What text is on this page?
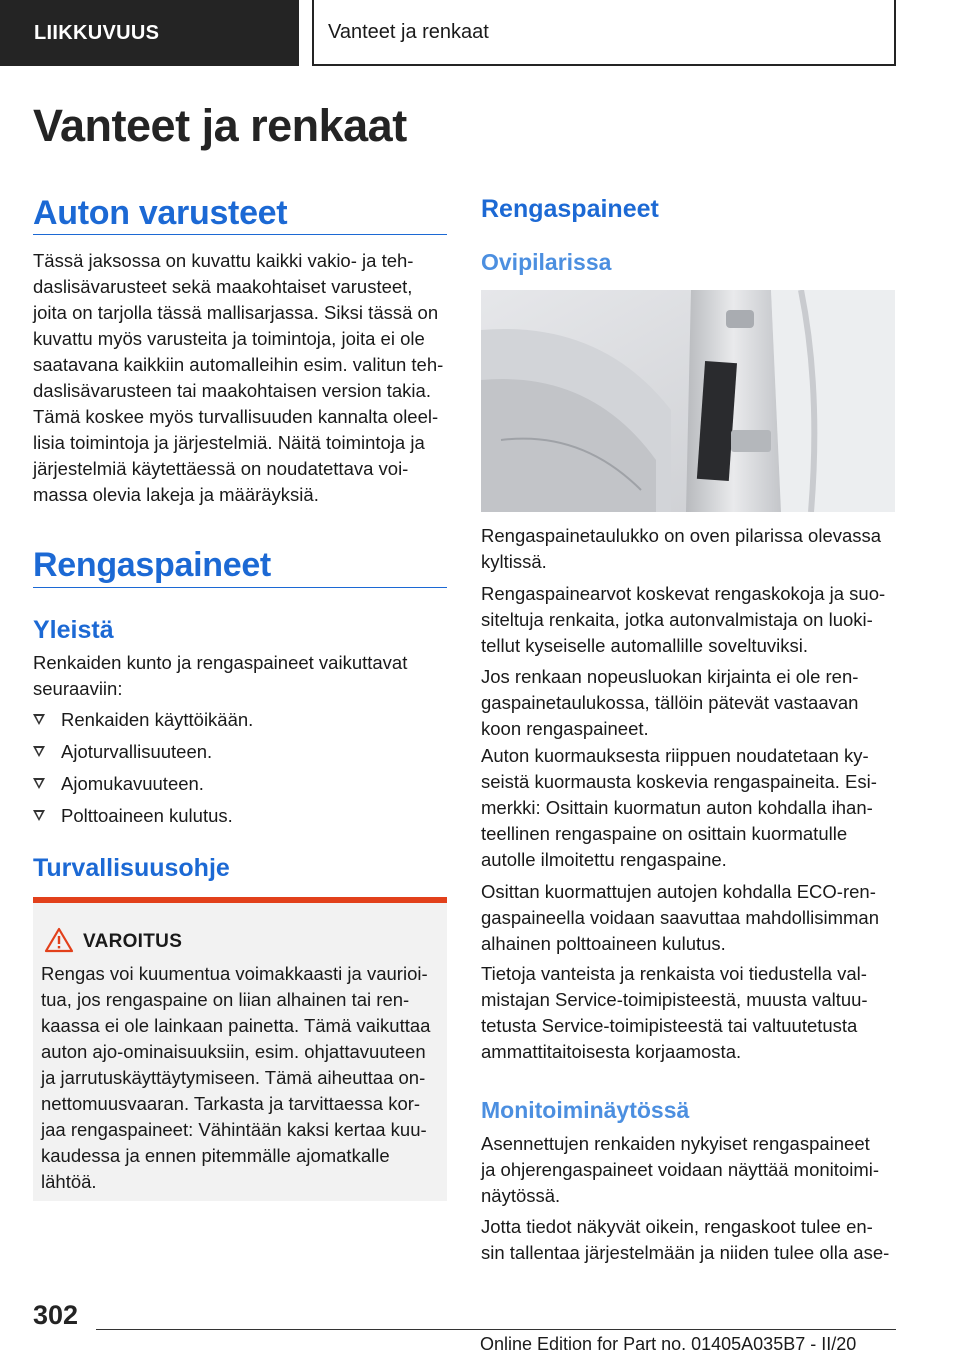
LIIKKUVUUS	Vanteet ja renkaat
Vanteet ja renkaat
Auton varusteet
Tässä jaksossa on kuvattu kaikki vakio- ja teh-
daslisävarusteet sekä maakohtaiset varusteet,
joita on tarjolla tässä mallisarjassa. Siksi tässä on
kuvattu myös varusteita ja toimintoja, joita ei ole
saatavana kaikkiin automalleihin esim. valitun teh-
daslisävarusteen tai maakohtaisen version takia.
Tämä koskee myös turvallisuuden kannalta oleel-
lisia toimintoja ja järjestelmiä. Näitä toimintoja ja
järjestelmiä käytettäessä on noudatettava voi-
massa olevia lakeja ja määräyksiä.
Rengaspaineet
Yleistä
Renkaiden kunto ja rengaspaineet vaikuttavat
seuraaviin:
Renkaiden käyttöikään.
Ajoturvallisuuteen.
Ajomukavuuteen.
Polttoaineen kulutus.
Turvallisuusohje
VAROITUS
Rengas voi kuumentua voimakkaasti ja vaurioi-
tua, jos rengaspaine on liian alhainen tai ren-
kaassa ei ole lainkaan painetta. Tämä vaikuttaa
auton ajo-ominaisuuksiin, esim. ohjattavuuteen
ja jarrutuskäyttäytymiseen. Tämä aiheuttaa on-
nettomuusvaaran. Tarkasta ja tarvittaessa kor-
jaa rengaspaineet: Vähintään kaksi kertaa kuu-
kaudessa ja ennen pitemmälle ajomatkalle
lähtöä.
Rengaspaineet
Ovipilarissa
Rengaspainetaulukko on oven pilarissa olevassa
kyltissä.
Rengaspainearvot koskevat rengaskokoja ja suo-
siteltuja renkaita, jotka autonvalmistaja on luoki-
tellut kyseiselle automallille soveltuviksi.
Jos renkaan nopeusluokan kirjainta ei ole ren-
gaspainetaulukossa, tällöin pätevät vastaavan
koon rengaspaineet.
Auton kuormauksesta riippuen noudatetaan ky-
seistä kuormausta koskevia rengaspaineita. Esi-
merkki: Osittain kuormatun auton kohdalla ihan-
teellinen rengaspaine on osittain kuormatulle
autolle ilmoitettu rengaspaine.
Osittan kuormattujen autojen kohdalla ECO-ren-
gaspaineella voidaan saavuttaa mahdollisimman
alhainen polttoaineen kulutus.
Tietoja vanteista ja renkaista voi tiedustella val-
mistajan Service-toimipisteestä, muusta valtuu-
tetusta Service-toimipisteestä tai valtuutetusta
ammattitaitoisesta korjaamosta.
Monitoiminäytössä
Asennettujen renkaiden nykyiset rengaspaineet
ja ohjerengaspaineet voidaan näyttää monitoimi-
näytössä.
Jotta tiedot näkyvät oikein, rengaskoot tulee en-
sin tallentaa järjestelmään ja niiden tulee olla ase-
302
Online Edition for Part no. 01405A035B7 - II/20
